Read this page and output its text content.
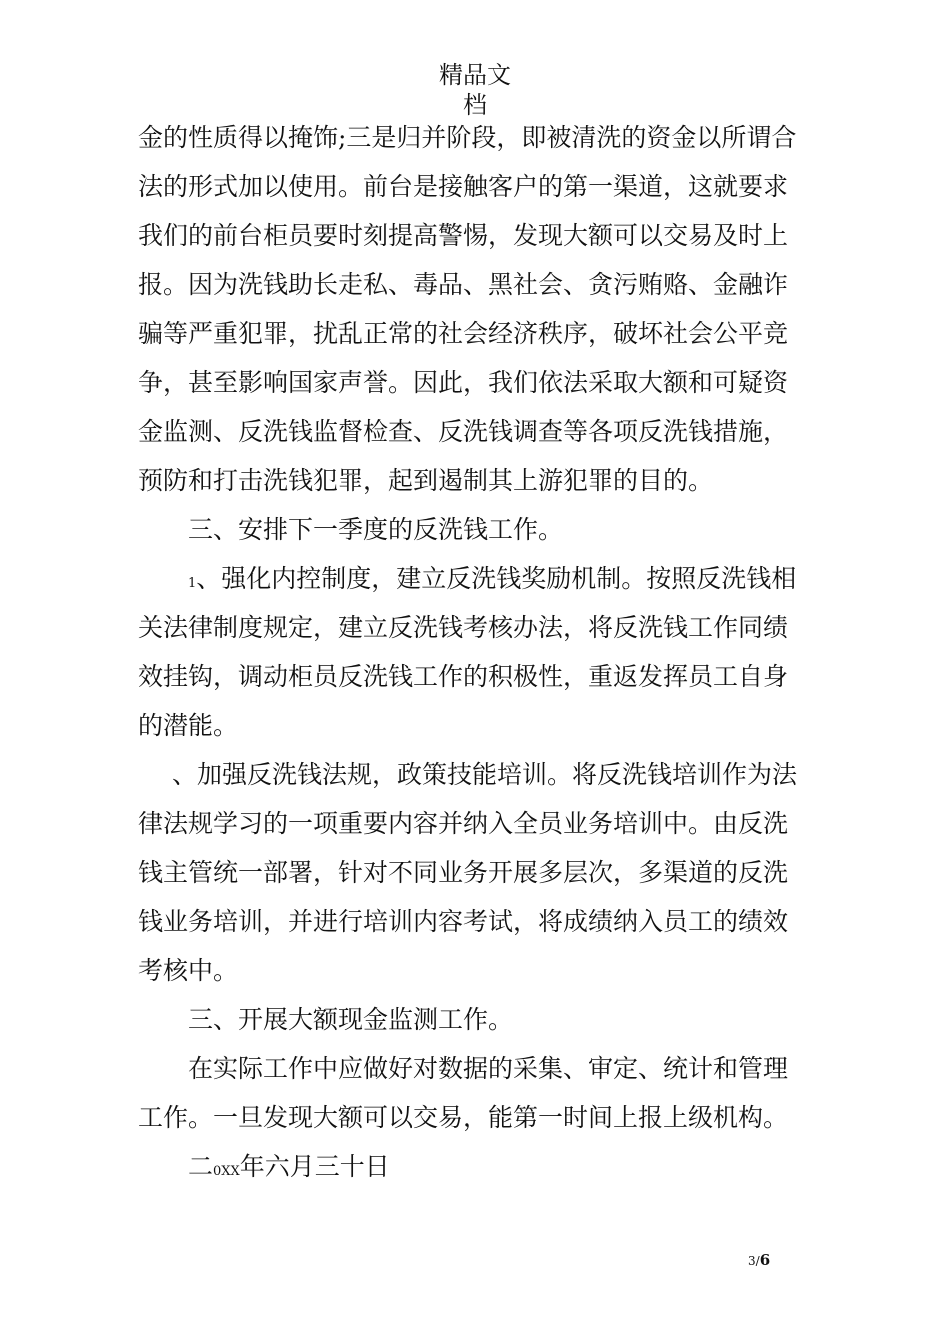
精品文
档
金的性质得以掩饰;三是归并阶段，即被清洗的资金以所谓合
法的形式加以使用。前台是接触客户的第一渠道，这就要求
我们的前台柜员要时刻提高警惕，发现大额可以交易及时上
报。因为洗钱助长走私、毒品、黑社会、贪污贿赂、金融诈
骗等严重犯罪，扰乱正常的社会经济秩序，破坏社会公平竞
争，甚至影响国家声誉。因此，我们依法采取大额和可疑资
金监测、反洗钱监督检查、反洗钱调查等各项反洗钱措施，
预防和打击洗钱犯罪，起到遏制其上游犯罪的目的。
三、安排下一季度的反洗钱工作。
1、强化内控制度，建立反洗钱奖励机制。按照反洗钱相
关法律制度规定，建立反洗钱考核办法，将反洗钱工作同绩
效挂钩，调动柜员反洗钱工作的积极性，重返发挥员工自身
的潜能。
、加强反洗钱法规，政策技能培训。将反洗钱培训作为法
律法规学习的一项重要内容并纳入全员业务培训中。由反洗
钱主管统一部署，针对不同业务开展多层次，多渠道的反洗
钱业务培训，并进行培训内容考试，将成绩纳入员工的绩效
考核中。
三、开展大额现金监测工作。
在实际工作中应做好对数据的采集、审定、统计和管理
工作。一旦发现大额可以交易，能第一时间上报上级机构。
二0XX年六月三十日
3/6
